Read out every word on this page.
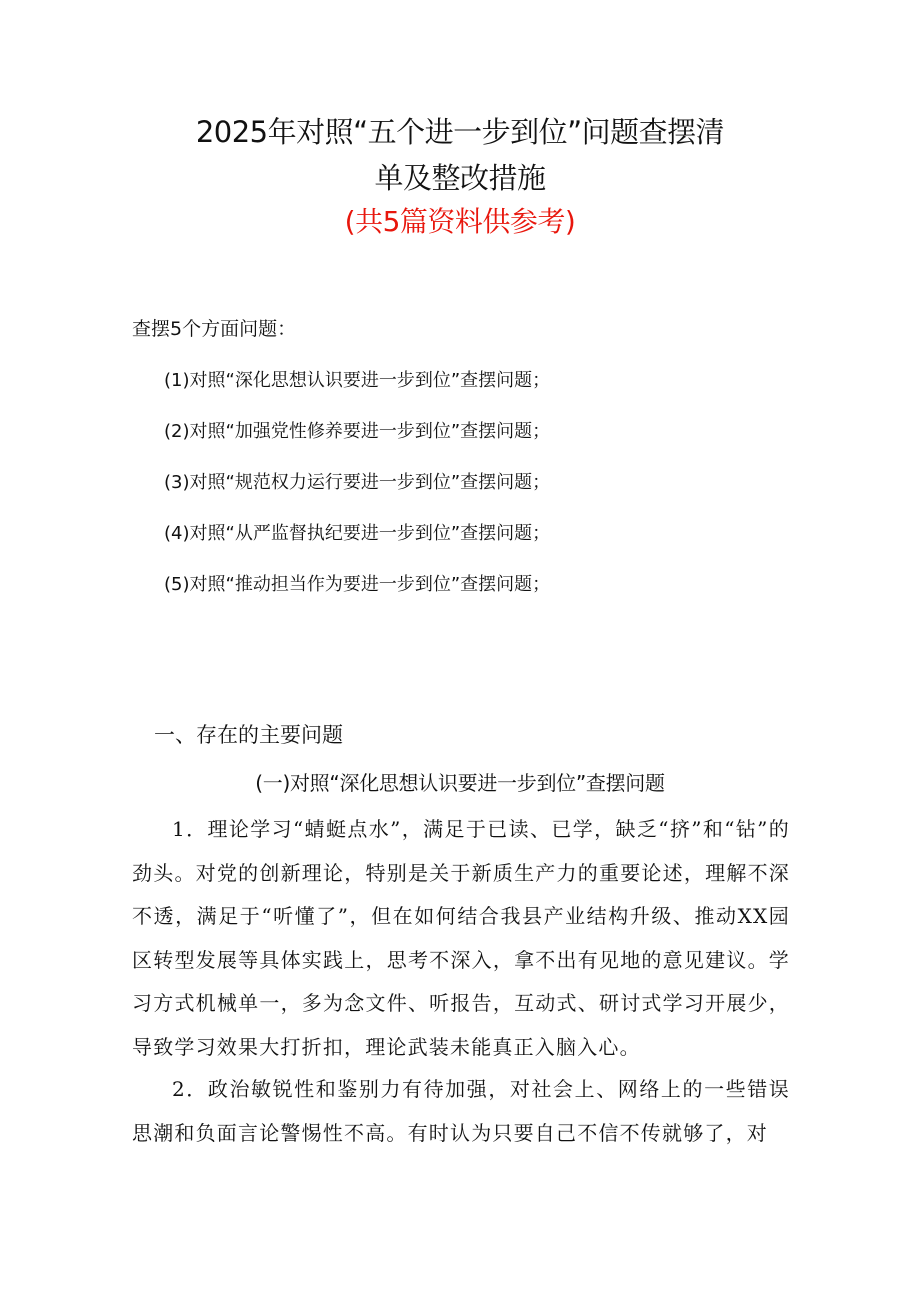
2025年对照“五个进一步到位”问题查摆清
单及整改措施
(共5篇资料供参考)
查摆5个方面问题：
(1)对照“深化思想认识要进一步到位”查摆问题；
(2)对照“加强党性修养要进一步到位”查摆问题；
(3)对照“规范权力运行要进一步到位”查摆问题；
(4)对照“从严监督执纪要进一步到位”查摆问题；
(5)对照“推动担当作为要进一步到位”查摆问题；
一、存在的主要问题
(一)对照“深化思想认识要进一步到位”查摆问题

1．理论学习“蜻蜓点水”，满足于已读、已学，缺乏“挤”和“钻”的劲头。对党的创新理论，特别是关于新质生产力的重要论述，理解不深不透，满足于“听懂了”，但在如何结合我县产业结构升级、推动XX园区转型发展等具体实践上，思考不深入，拿不出有见地的意见建议。学习方式机械单一，多为念文件、听报告，互动式、研讨式学习开展少，导致学习效果大打折扣，理论武装未能真正入脑入心。

2．政治敏锐性和鉴别力有待加强，对社会上、网络上的一些错误思潮和负面言论警惕性不高。有时认为只要自己不信不传就够了，对
